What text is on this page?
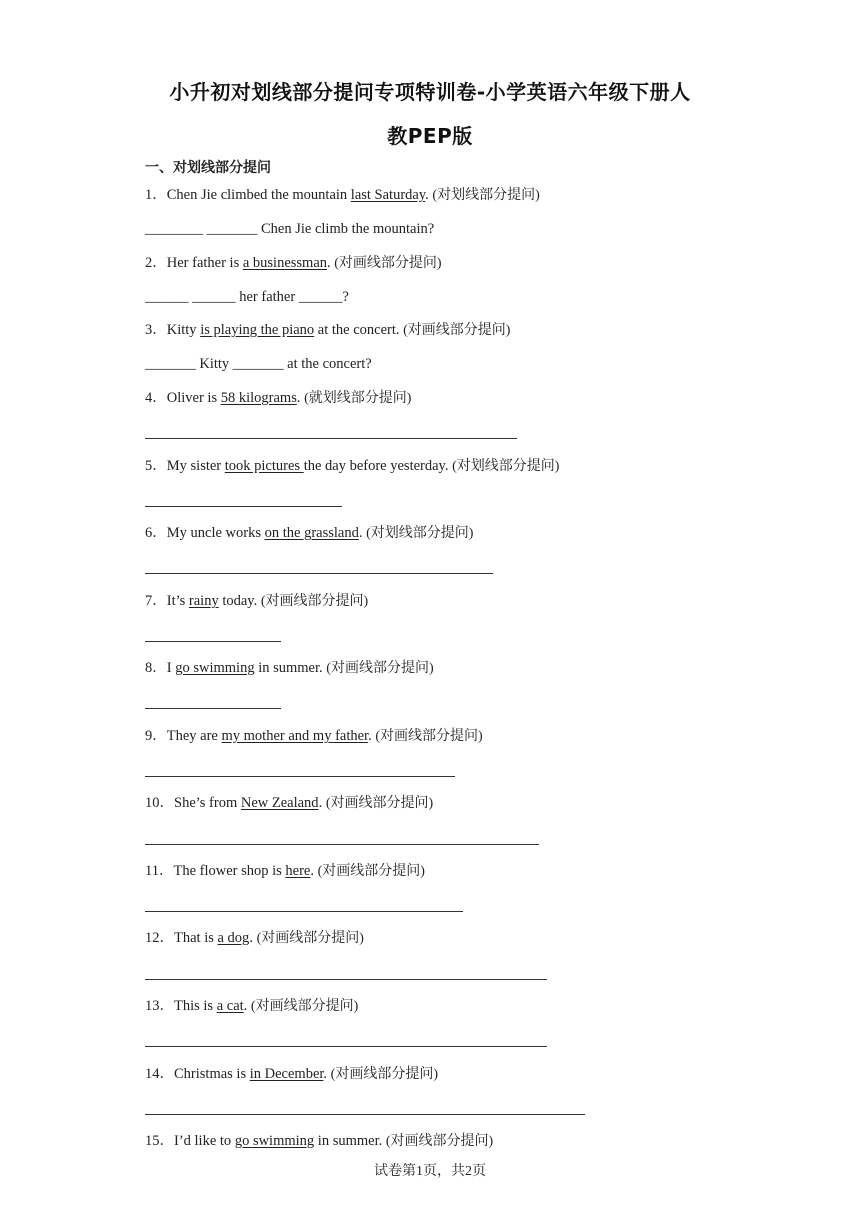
小升初对划线部分提问专项特训卷-小学英语六年级下册人
教PEP版
一、对划线部分提问
1．Chen Jie climbed the mountain last Saturday. (对划线部分提问)
________ _______ Chen Jie climb the mountain?
2．Her father is a businessman. (对画线部分提问)
______ ______ her father ______?
3．Kitty is playing the piano at the concert. (对画线部分提问)
_______ Kitty _______ at the concert?
4．Oliver is 58 kilograms. (就划线部分提问)
5．My sister took pictures the day before yesterday. (对划线部分提问)
6．My uncle works on the grassland. (对划线部分提问)
7．It’s rainy today. (对画线部分提问)
8．I go swimming in summer. (对画线部分提问)
9．They are my mother and my father. (对画线部分提问)
10．She’s from New Zealand. (对画线部分提问)
11．The flower shop is here. (对画线部分提问)
12．That is a dog. (对画线部分提问)
13．This is a cat. (对画线部分提问)
14．Christmas is in December. (对画线部分提问)
15．I’d like to go swimming in summer. (对画线部分提问)
试卷第1页，共2页
